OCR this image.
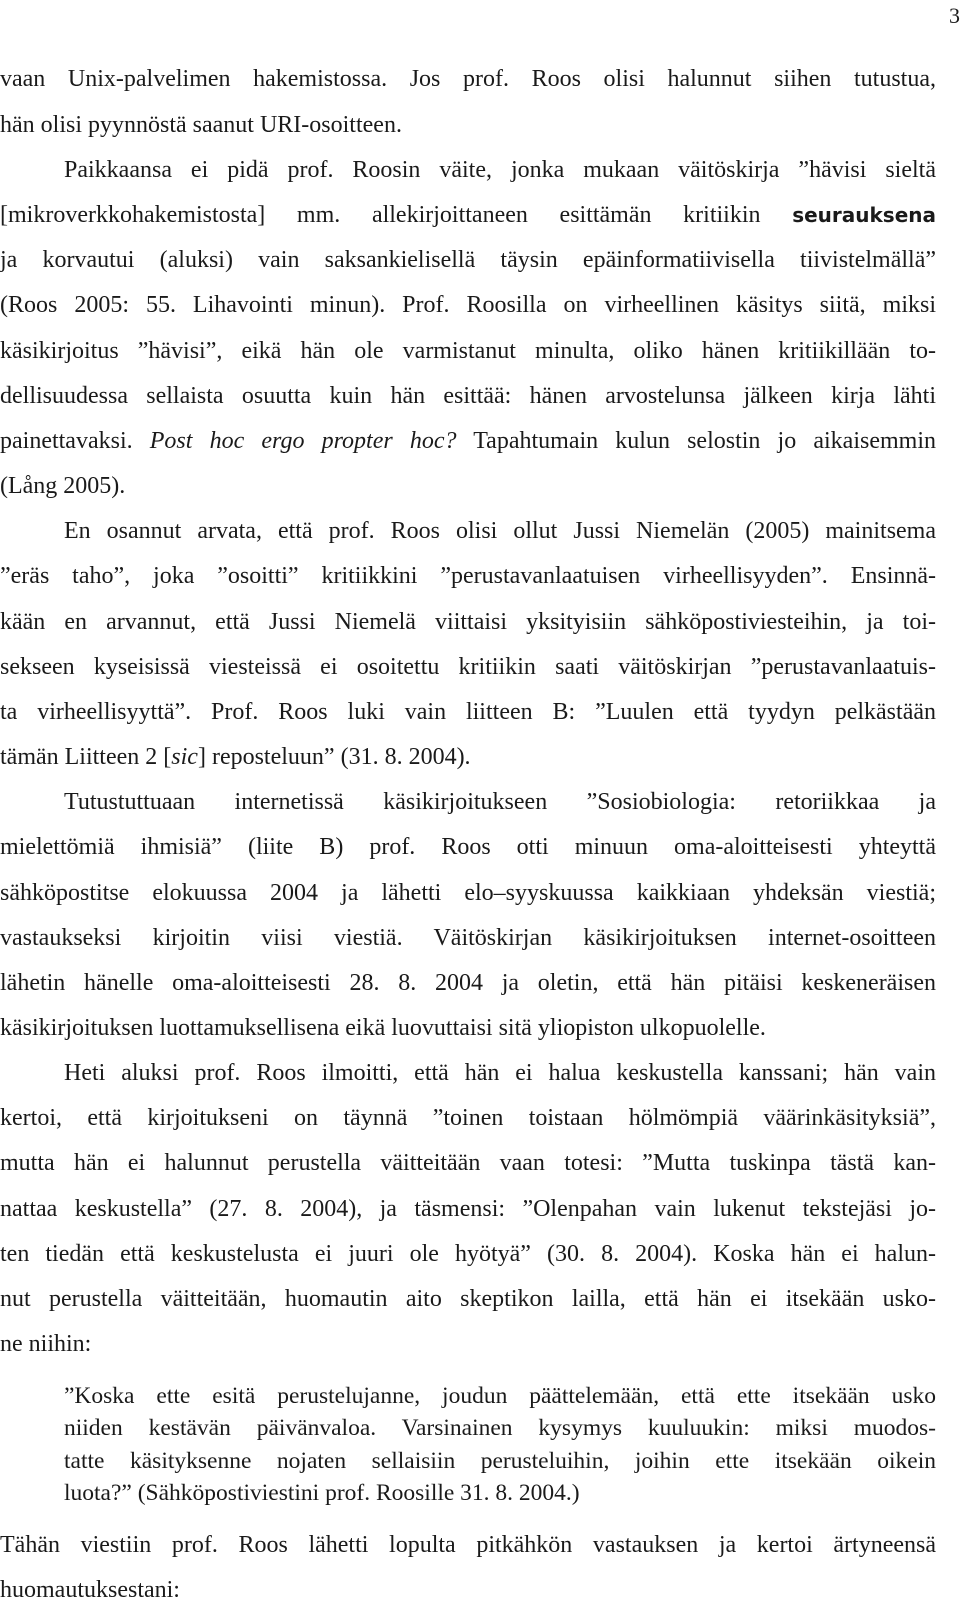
3
vaan Unix-palvelimen hakemistossa. Jos prof. Roos olisi halunnut siihen tutustua,
hän olisi pyynnöstä saanut URI-osoitteen.
Paikkaansa ei pidä prof. Roosin väite, jonka mukaan väitöskirja ”hävisi sieltä
[mikroverkkohakemistosta] mm. allekirjoittaneen esittämän kritiikin seurauksena
ja korvautui (aluksi) vain saksankielisellä täysin epäinformatiivisella tiivistelmällä”
(Roos 2005: 55. Lihavointi minun). Prof. Roosilla on virheellinen käsitys siitä, miksi
käsikirjoitus ”hävisi”, eikä hän ole varmistanut minulta, oliko hänen kritiikillään to-
dellisuudessa sellaista osuutta kuin hän esittää: hänen arvostelunsa jälkeen kirja lähti
painettavaksi. Post hoc ergo propter hoc? Tapahtumain kulun selostin jo aikaisemmin
(Lång 2005).
En osannut arvata, että prof. Roos olisi ollut Jussi Niemelän (2005) mainitsema
”eräs taho”, joka ”osoitti” kritiikkini ”perustavanlaatuisen virheellisyyden”. Ensinnä-
kään en arvannut, että Jussi Niemelä viittaisi yksityisiin sähköpostiviesteihin, ja toi-
sekseen kyseisissä viesteissä ei osoitettu kritiikin saati väitöskirjan ”perustavanlaatuis-
ta virheellisyyttä”. Prof. Roos luki vain liitteen B: ”Luulen että tyydyn pelkästään
tämän Liitteen 2 [sic] reposteluun” (31. 8. 2004).
Tutustuttuaan internetissä käsikirjoitukseen ”Sosiobiologia: retoriikkaa ja
mielettömiä ihmisiä” (liite B) prof. Roos otti minuun oma-aloitteisesti yhteyttä
sähköpostitse elokuussa 2004 ja lähetti elo–syyskuussa kaikkiaan yhdeksän viestiä;
vastaukseksi kirjoitin viisi viestiä. Väitöskirjan käsikirjoituksen internet-osoitteen
lähetin hänelle oma-aloitteisesti 28. 8. 2004 ja oletin, että hän pitäisi keskeneräisen
käsikirjoituksen luottamuksellisena eikä luovuttaisi sitä yliopiston ulkopuolelle.
Heti aluksi prof. Roos ilmoitti, että hän ei halua keskustella kanssani; hän vain
kertoi, että kirjoitukseni on täynnä ”toinen toistaan hölmömpiä väärinkäsityksiä”,
mutta hän ei halunnut perustella väitteitään vaan totesi: ”Mutta tuskinpa tästä kan-
nattaa keskustella” (27. 8. 2004), ja täsmensi: ”Olenpahan vain lukenut tekstejäsi jo-
ten tiedän että keskustelusta ei juuri ole hyötyä” (30. 8. 2004). Koska hän ei halun-
nut perustella väitteitään, huomautin aito skeptikon lailla, että hän ei itsekään usko-
ne niihin:
”Koska ette esitä perustelujanne, joudun päättelemään, että ette itsekään usko
niiden kestävän päivänvaloa. Varsinainen kysymys kuuluukin: miksi muodos-
tatte käsityksenne nojaten sellaisiin perusteluihin, joihin ette itsekään oikein
luota?” (Sähköpostiviestini prof. Roosille 31. 8. 2004.)
Tähän viestiin prof. Roos lähetti lopulta pitkähkön vastauksen ja kertoi ärtyneensä
huomautuksestani:
